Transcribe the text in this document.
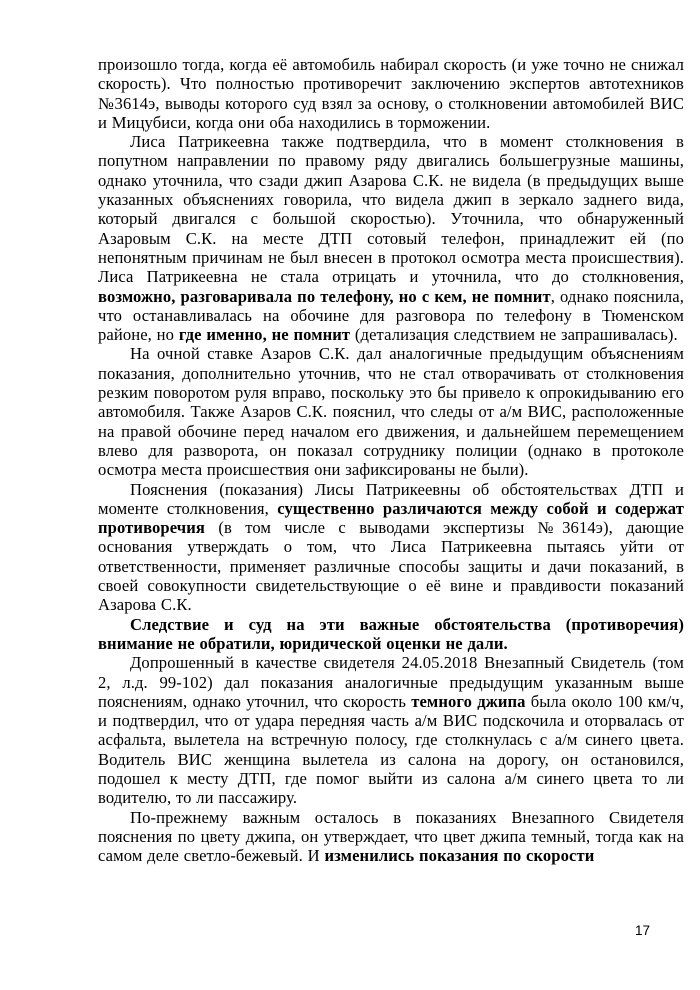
произошло тогда, когда её автомобиль набирал скорость (и уже точно не снижал скорость). Что полностью противоречит заключению экспертов автотехников №3614э, выводы которого суд взял за основу, о столкновении автомобилей ВИС и Мицубиси, когда они оба находились в торможении.

Лиса Патрикеевна также подтвердила, что в момент столкновения в попутном направлении по правому ряду двигались большегрузные машины, однако уточнила, что сзади джип Азарова С.К. не видела (в предыдущих выше указанных объяснениях говорила, что видела джип в зеркало заднего вида, который двигался с большой скоростью). Уточнила, что обнаруженный Азаровым С.К. на месте ДТП сотовый телефон, принадлежит ей (по непонятным причинам не был внесен в протокол осмотра места происшествия). Лиса Патрикеевна не стала отрицать и уточнила, что до столкновения, возможно, разговаривала по телефону, но с кем, не помнит, однако пояснила, что останавливалась на обочине для разговора по телефону в Тюменском районе, но где именно, не помнит (детализация следствием не запрашивалась).

На очной ставке Азаров С.К. дал аналогичные предыдущим объяснениям показания, дополнительно уточнив, что не стал отворачивать от столкновения резким поворотом руля вправо, поскольку это бы привело к опрокидыванию его автомобиля. Также Азаров С.К. пояснил, что следы от а/м ВИС, расположенные на правой обочине перед началом его движения, и дальнейшем перемещением влево для разворота, он показал сотруднику полиции (однако в протоколе осмотра места происшествия они зафиксированы не были).

Пояснения (показания) Лисы Патрикеевны об обстоятельствах ДТП и моменте столкновения, существенно различаются между собой и содержат противоречия (в том числе с выводами экспертизы №3614э), дающие основания утверждать о том, что Лиса Патрикеевна пытаясь уйти от ответственности, применяет различные способы защиты и дачи показаний, в своей совокупности свидетельствующие о её вине и правдивости показаний Азарова С.К.

Следствие и суд на эти важные обстоятельства (противоречия) внимание не обратили, юридической оценки не дали.

Допрошенный в качестве свидетеля 24.05.2018 Внезапный Свидетель (том 2, л.д. 99-102) дал показания аналогичные предыдущим указанным выше пояснениям, однако уточнил, что скорость темного джипа была около 100 км/ч, и подтвердил, что от удара передняя часть а/м ВИС подскочила и оторвалась от асфальта, вылетела на встречную полосу, где столкнулась с а/м синего цвета. Водитель ВИС женщина вылетела из салона на дорогу, он остановился, подошел к месту ДТП, где помог выйти из салона а/м синего цвета то ли водителю, то ли пассажиру.

По-прежнему важным осталось в показаниях Внезапного Свидетеля пояснения по цвету джипа, он утверждает, что цвет джипа темный, тогда как на самом деле светло-бежевый. И изменились показания по скорости

17
